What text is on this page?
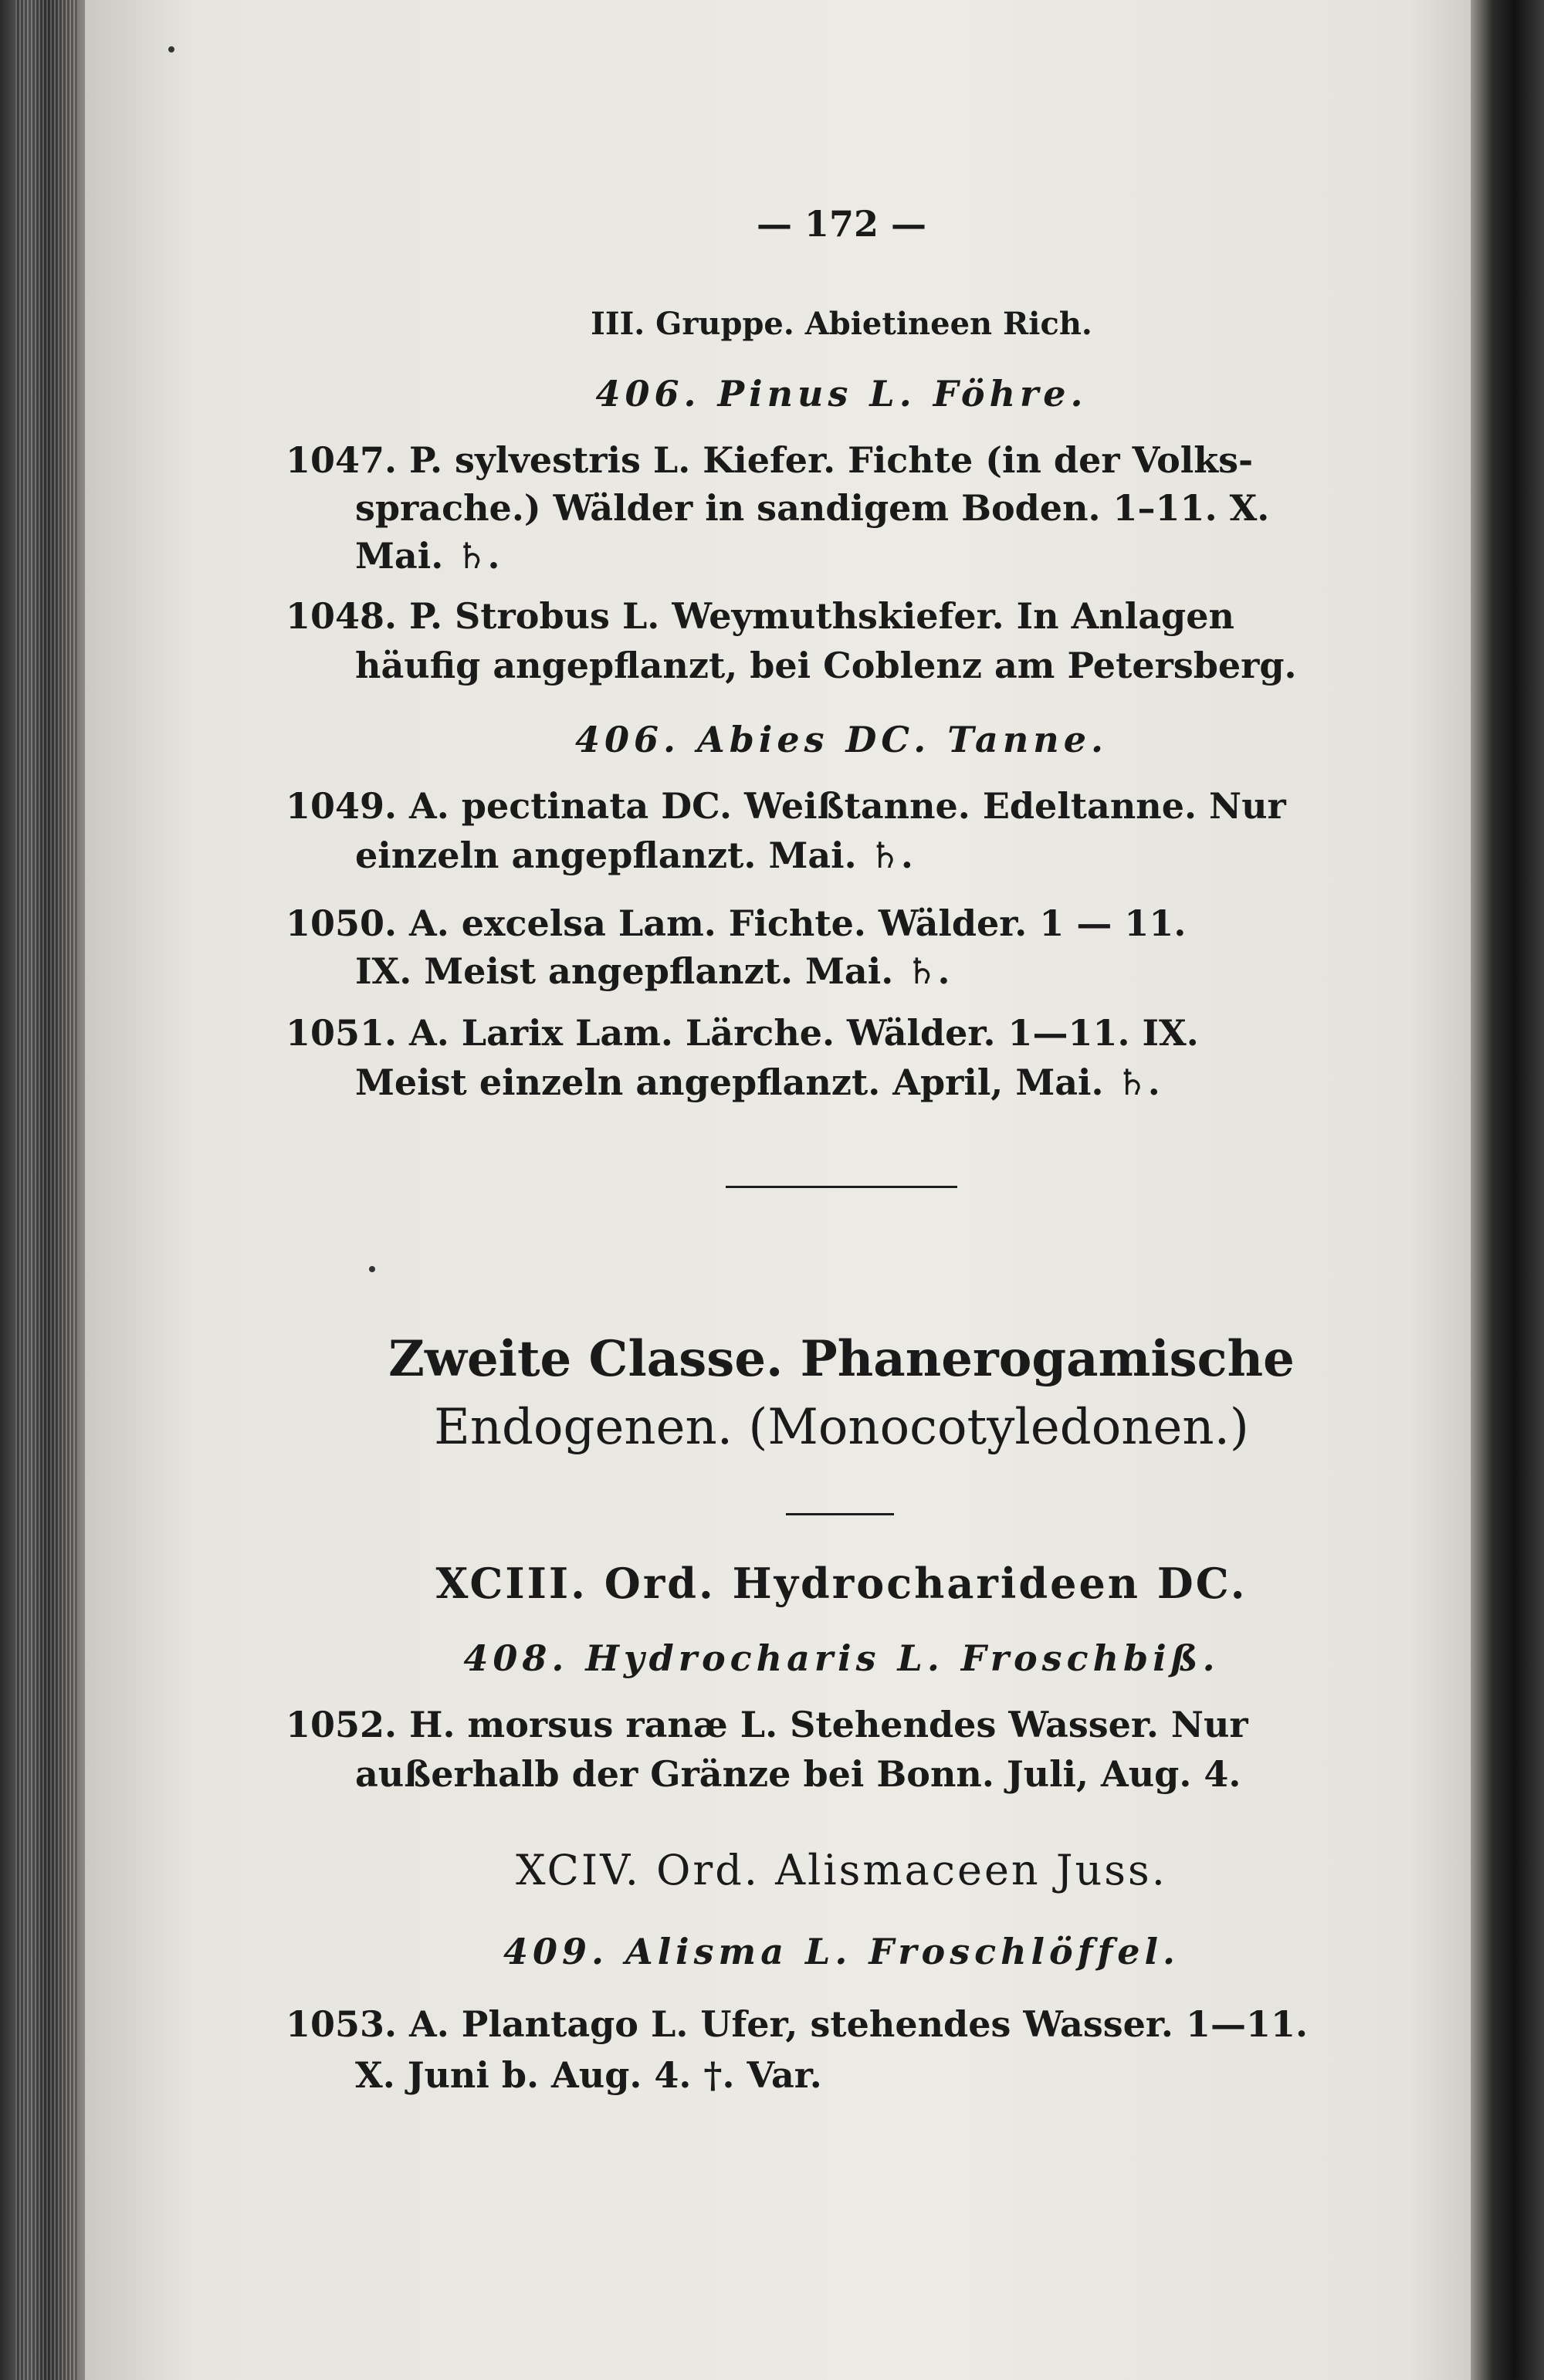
— 172 —
III. Gruppe. Abietineen Rich.
406. Pinus L. Föhre.
1047. P. sylvestris L. Kiefer. Fichte (in der Volks-
sprache.) Wälder in sandigem Boden. 1–11. X.
Mai. ♄.
1048. P. Strobus L. Weymuthskiefer. In Anlagen
häufig angepflanzt, bei Coblenz am Petersberg.
406. Abies DC. Tanne.
1049. A. pectinata DC. Weißtanne. Edeltanne. Nur
einzeln angepflanzt. Mai. ♄.
1050. A. excelsa Lam. Fichte. Wälder. 1 — 11.
IX. Meist angepflanzt. Mai. ♄.
1051. A. Larix Lam. Lärche. Wälder. 1—11. IX.
Meist einzeln angepflanzt. April, Mai. ♄.
Zweite Classe. Phanerogamische
Endogenen. (Monocotyledonen.)
XCIII. Ord. Hydrocharideen DC.
408. Hydrocharis L. Froschbiß.
1052. H. morsus ranæ L. Stehendes Wasser. Nur
außerhalb der Gränze bei Bonn. Juli, Aug. 4.
XCIV. Ord. Alismaceen Juss.
409. Alisma L. Froschlöffel.
1053. A. Plantago L. Ufer, stehendes Wasser. 1—11.
X. Juni b. Aug. 4. †. Var.
